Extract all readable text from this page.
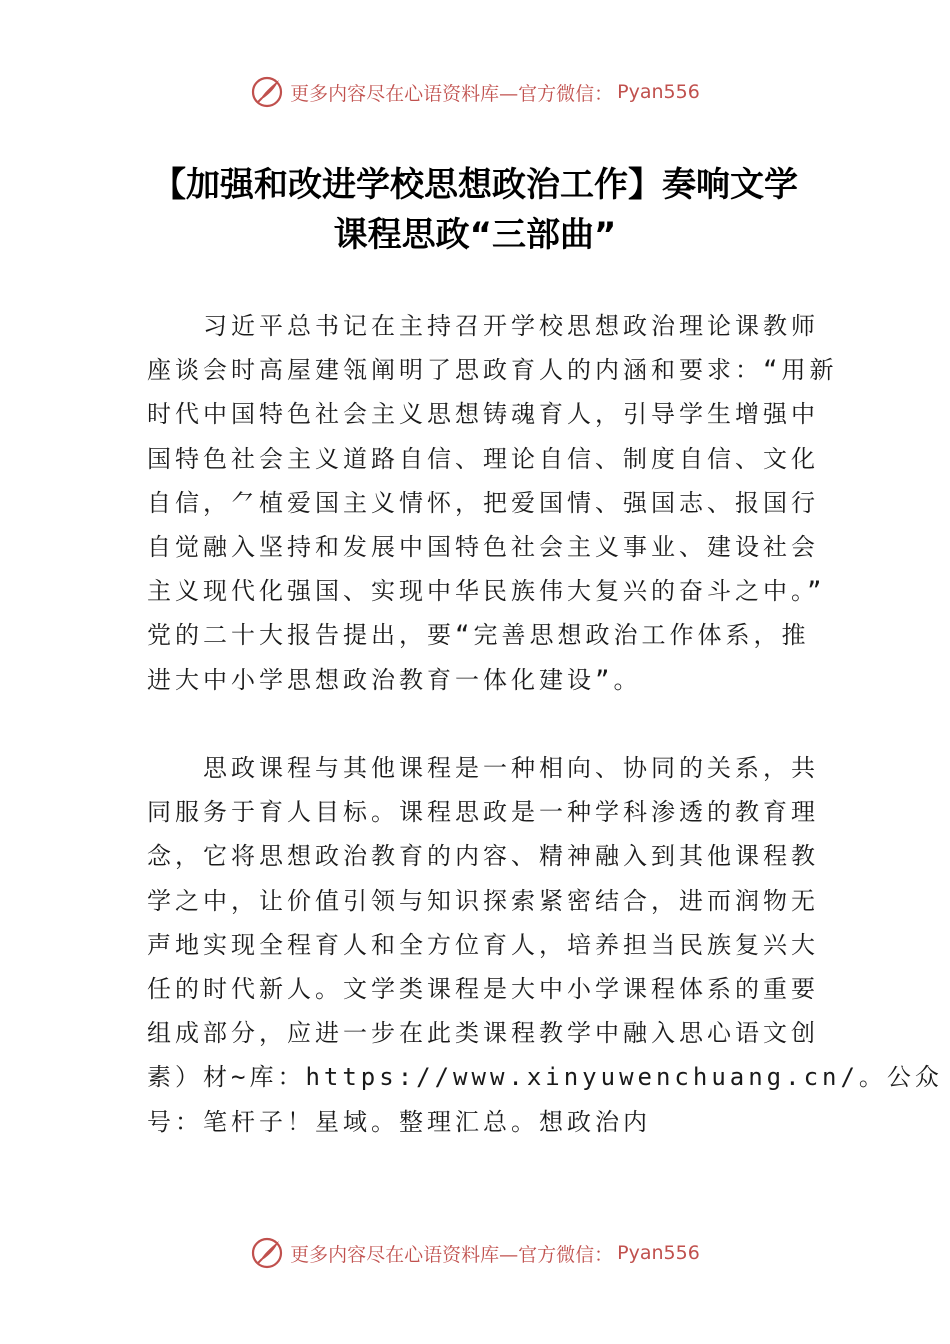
更多内容尽在心语资料库—官方微信： Pyan556
【加强和改进学校思想政治工作】奏响文学
课程思政“三部曲”
　　习近平总书记在主持召开学校思想政治理论课教师
座谈会时高屋建瓴阐明了思政育人的内涵和要求：“用新
时代中国特色社会主义思想铸魂育人，引导学生增强中
国特色社会主义道路自信、理论自信、制度自信、文化
自信，⺈植爱国主义情怀，把爱国情、强国志、报国行
自觉融入坚持和发展中国特色社会主义事业、建设社会
主义现代化强国、实现中华民族伟大复兴的奋斗之中。”
党的二十大报告提出，要“完善思想政治工作体系，推
进大中小学思想政治教育一体化建设”。
　　思政课程与其他课程是一种相向、协同的关系，共
同服务于育人目标。课程思政是一种学科渗透的教育理
念，它将思想政治教育的内容、精神融入到其他课程教
学之中，让价值引领与知识探索紧密结合，进而润物无
声地实现全程育人和全方位育人，培养担当民族复兴大
任的时代新人。文学类课程是大中小学课程体系的重要
组成部分，应进一步在此类课程教学中融入思心语文创
素）材~库：https://www.xinyuwenchuang.cn/。公众
号：笔杆子！星域。整理汇总。想政治内
更多内容尽在心语资料库—官方微信： Pyan556
